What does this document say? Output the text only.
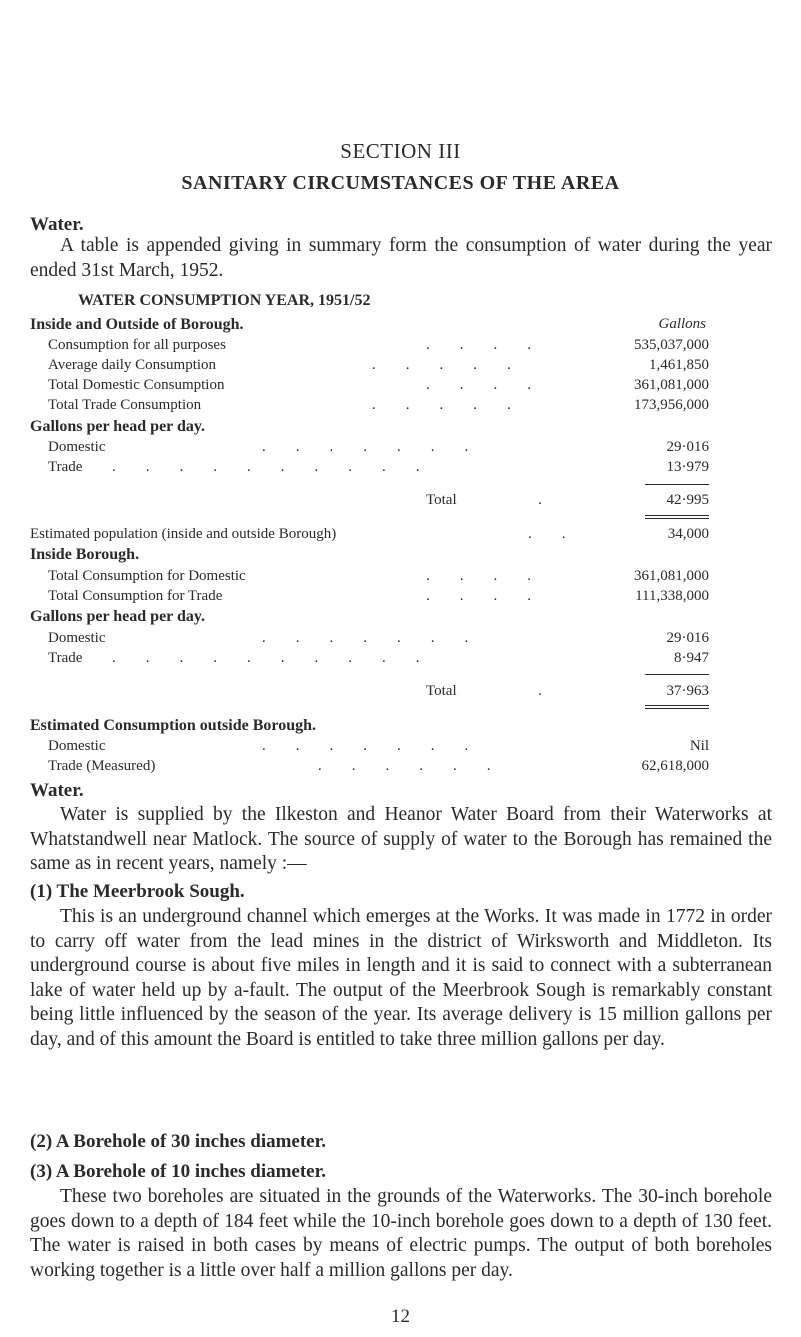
SECTION III
SANITARY CIRCUMSTANCES OF THE AREA
Water.
A table is appended giving in summary form the consumption of water during the year ended 31st March, 1952.
WATER CONSUMPTION YEAR, 1951/52
Inside and Outside of Borough.	Gallons
Consumption for all purposes	.        .        .        .	535,037,000
Average daily Consumption	.        .        .        .        .	1,461,850
Total Domestic Consumption	.        .        .        .	361,081,000
Total Trade Consumption	.        .        .        .        .	173,956,000
Gallons per head per day.
Domestic	.        .        .        .        .        .        .	29·016
Trade .        .        .        .        .        .        .        .        .        .	13·979
Total	.	42·995
Estimated population (inside and outside Borough)	.        .	34,000
Inside Borough.
Total Consumption for Domestic	.        .        .        .	361,081,000
Total Consumption for Trade	.        .        .        .	111,338,000
Gallons per head per day.
Domestic	.        .        .        .        .        .        .	29·016
Trade .        .        .        .        .        .        .        .        .        .	8·947
Total	.	37·963
Estimated Consumption outside Borough.
Domestic	.        .        .        .        .        .        .	Nil
Trade (Measured)	.        .        .        .        .        .	62,618,000
Water.
Water is supplied by the Ilkeston and Heanor Water Board from their Waterworks at Whatstandwell near Matlock. The source of supply of water to the Borough has remained the same as in recent years, namely :—
(1) The Meerbrook Sough.
This is an underground channel which emerges at the Works. It was made in 1772 in order to carry off water from the lead mines in the district of Wirksworth and Middleton. Its underground course is about five miles in length and it is said to connect with a subterranean lake of water held up by a-fault. The output of the Meerbrook Sough is remarkably constant being little influenced by the season of the year. Its average delivery is 15 million gallons per day, and of this amount the Board is entitled to take three million gallons per day.
(2) A Borehole of 30 inches diameter.
(3) A Borehole of 10 inches diameter.
These two boreholes are situated in the grounds of the Waterworks. The 30-inch borehole goes down to a depth of 184 feet while the 10-inch borehole goes down to a depth of 130 feet. The water is raised in both cases by means of electric pumps. The output of both boreholes working together is a little over half a million gallons per day.
12
